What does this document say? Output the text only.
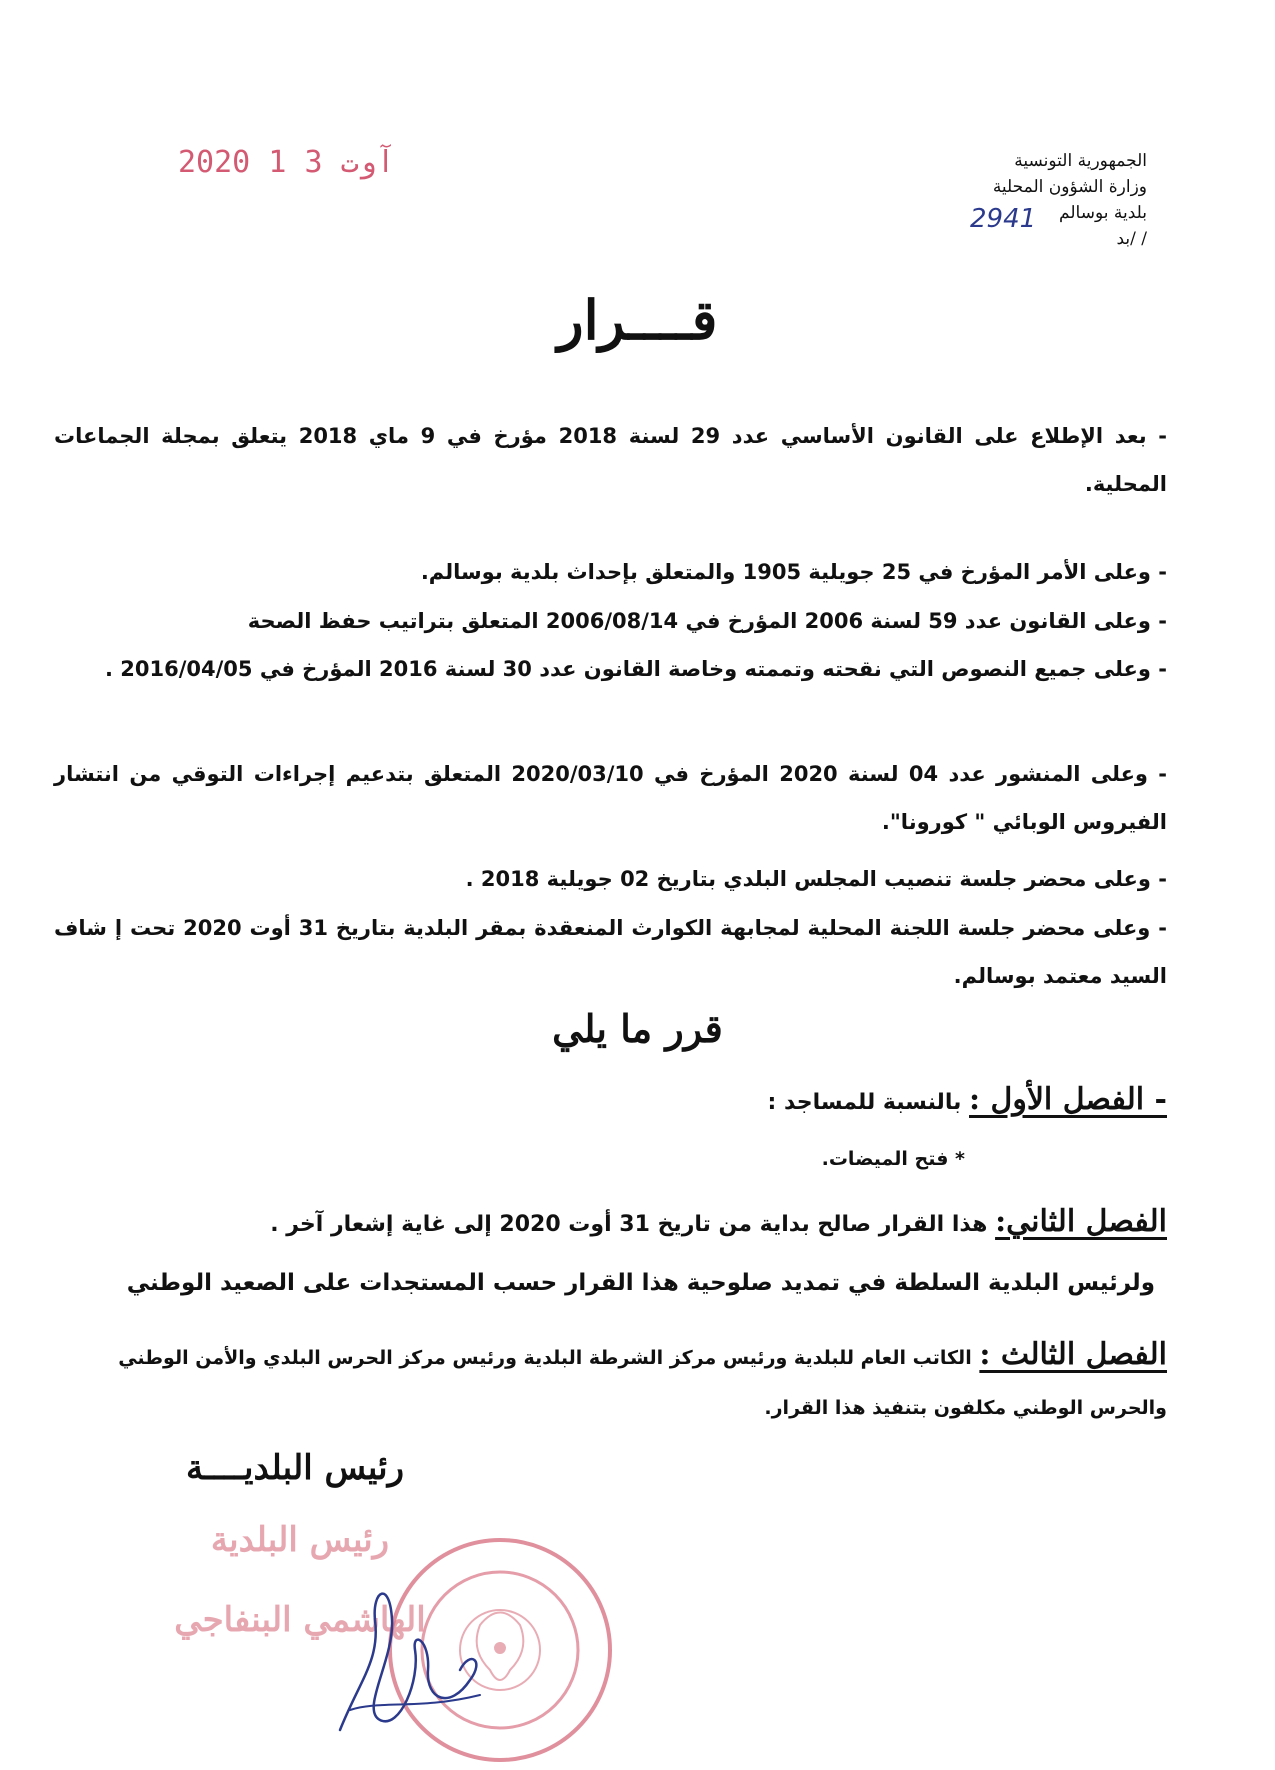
2020 آوت 3 1	الجمهورية التونسية
وزارة الشؤون المحلية
بلدية بوسالم
/ /بد
2941
قــــرار

- بعد الإطلاع على القانون الأساسي عدد 29 لسنة 2018 مؤرخ في 9 ماي 2018 يتعلق بمجلة الجماعات المحلية.

- وعلى الأمر المؤرخ في 25 جويلية 1905 والمتعلق بإحداث بلدية بوسالم.

- وعلى القانون عدد 59 لسنة 2006 المؤرخ في 2006/08/14 المتعلق بتراتيب حفظ الصحة

- وعلى جميع النصوص التي نقحته وتممته وخاصة القانون عدد 30 لسنة 2016 المؤرخ في 2016/04/05 .

- وعلى المنشور عدد 04 لسنة 2020 المؤرخ في 2020/03/10 المتعلق بتدعيم إجراءات التوقي من انتشار الفيروس الوبائي " كورونا".

- وعلى محضر جلسة تنصيب المجلس البلدي بتاريخ 02 جويلية 2018 .

- وعلى محضر جلسة اللجنة المحلية لمجابهة الكوارث المنعقدة بمقر البلدية بتاريخ 31 أوت 2020 تحت إ شاف السيد معتمد بوسالم.

قرر ما يلي
- الفصل الأول : بالنسبة للمساجد :
* فتح الميضات.
الفصل الثاني: هذا القرار صالح بداية من تاريخ 31 أوت 2020 إلى غاية إشعار آخر .
ولرئيس البلدية السلطة في تمديد صلوحية هذا القرار حسب المستجدات على الصعيد الوطني
الفصل الثالث : الكاتب العام للبلدية ورئيس مركز الشرطة البلدية ورئيس مركز الحرس البلدي والأمن الوطني والحرس الوطني مكلفون بتنفيذ هذا القرار.
رئيس البلديــــة
رئيس البلدية
الهاشمي البنفاجي
